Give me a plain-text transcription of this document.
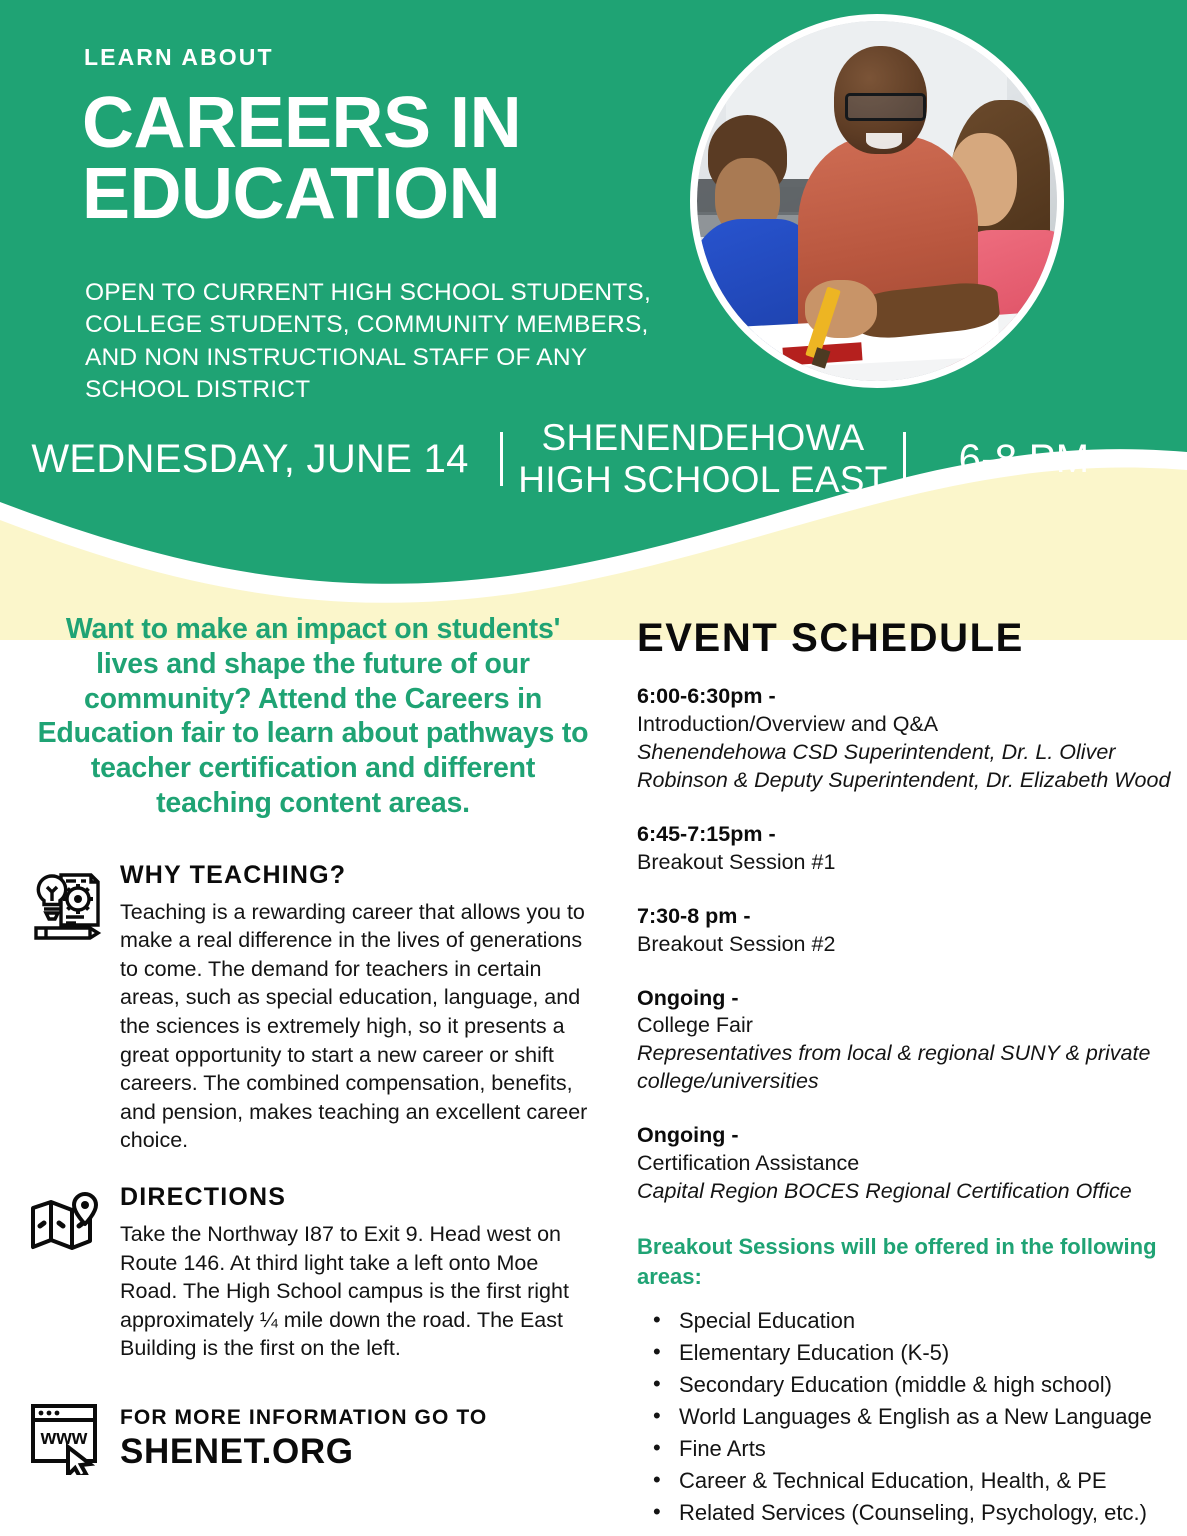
LEARN ABOUT
CAREERS IN
EDUCATION
OPEN TO CURRENT HIGH SCHOOL STUDENTS, COLLEGE STUDENTS, COMMUNITY MEMBERS, AND NON INSTRUCTIONAL STAFF OF ANY SCHOOL DISTRICT
WEDNESDAY, JUNE 14	SHENENDEHOWA
HIGH SCHOOL EAST	6-8 PM

Want to make an impact on students' lives and shape the future of our community? Attend the Careers in Education fair to learn about pathways to teacher certification and different teaching content areas.

WHY TEACHING?

Teaching is a rewarding career that allows you to make a real difference in the lives of generations to come. The demand for teachers in certain areas, such as special education, language, and the sciences is extremely high, so it presents a great opportunity to start a new career or shift careers. The combined compensation, benefits, and pension, makes teaching an excellent career choice.

DIRECTIONS

Take the Northway I87 to Exit 9. Head west on Route 146. At third light take a left onto Moe Road. The High School campus is the first right approximately ¼ mile down the road. The East Building is the first on the left.

www

FOR MORE INFORMATION GO TO

SHENET.ORG

EVENT SCHEDULE
6:00-6:30pm -
Introduction/Overview and Q&A
Shenendehowa CSD Superintendent, Dr. L. Oliver Robinson & Deputy Superintendent, Dr. Elizabeth Wood
6:45-7:15pm -
Breakout Session #1
7:30-8 pm -
Breakout Session #2
Ongoing -
College Fair
Representatives from local & regional SUNY & private college/universities
Ongoing -
Certification Assistance
Capital Region BOCES Regional Certification Office

Breakout Sessions will be offered in the following areas:

• Special Education
• Elementary Education (K-5)
• Secondary Education (middle & high school)
• World Languages & English as a New Language
• Fine Arts
• Career & Technical Education, Health, & PE
• Related Services (Counseling, Psychology, etc.)
